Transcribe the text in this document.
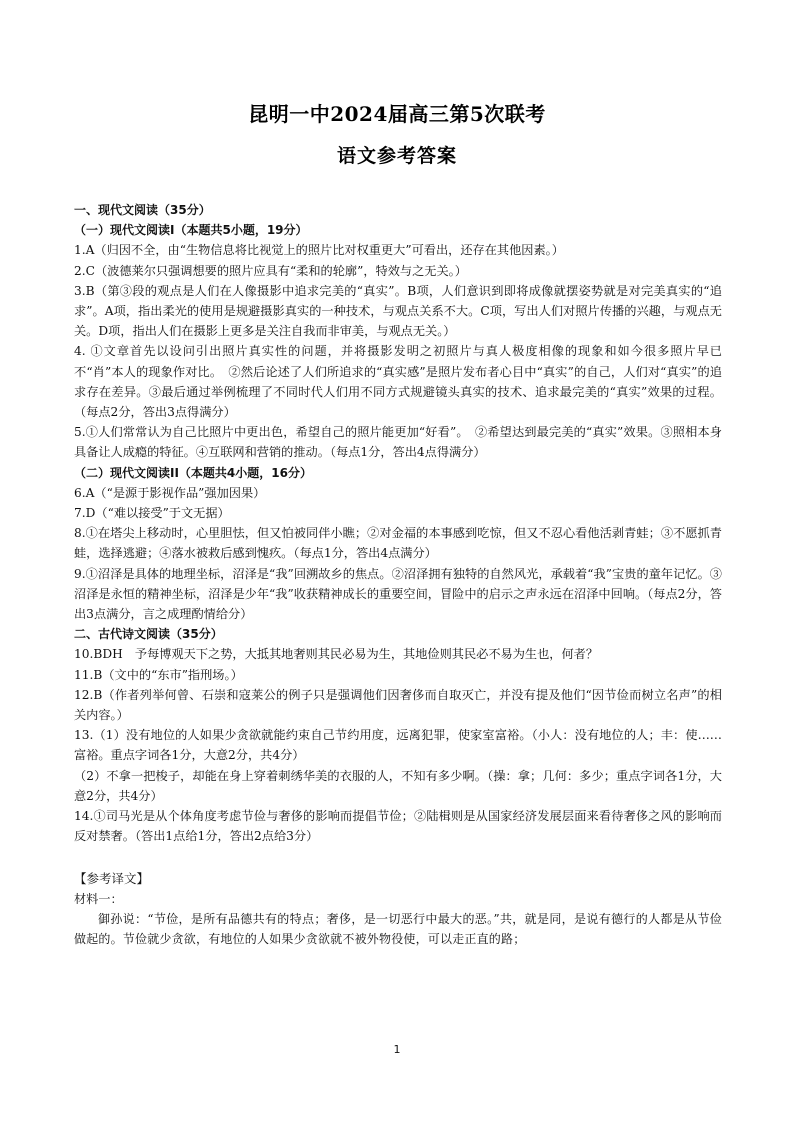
昆明一中2024届高三第5次联考
语文参考答案

一、现代文阅读（35分）

（一）现代文阅读I（本题共5小题，19分）

1.A（归因不全，由“生物信息将比视觉上的照片比对权重更大”可看出，还存在其他因素。）

2.C（波德莱尔只强调想要的照片应具有“柔和的轮廓”，特效与之无关。）

3.B（第③段的观点是人们在人像摄影中追求完美的“真实”。B项，人们意识到即将成像就摆姿势就是对完美真实的“追求”。A项，指出柔光的使用是规避摄影真实的一种技术，与观点关系不大。C项，写出人们对照片传播的兴趣，与观点无关。D项，指出人们在摄影上更多是关注自我而非审美，与观点无关。）

4. ①文章首先以设问引出照片真实性的问题，并将摄影发明之初照片与真人极度相像的现象和如今很多照片早已不“肖”本人的现象作对比。　②然后论述了人们所追求的“真实感”是照片发布者心目中“真实”的自己，人们对“真实”的追求存在差异。③最后通过举例梳理了不同时代人们用不同方式规避镜头真实的技术、追求最完美的“真实”效果的过程。（每点2分，答出3点得满分）

5.①人们常常认为自己比照片中更出色，希望自己的照片能更加“好看”。　②希望达到最完美的“真实”效果。③照相本身具备让人成瘾的特征。④互联网和营销的推动。（每点1分，答出4点得满分）

（二）现代文阅读II（本题共4小题，16分）

6.A（“是源于影视作品”强加因果）

7.D（“难以接受”于文无据）

8.①在塔尖上移动时，心里胆怯，但又怕被同伴小瞧；②对金福的本事感到吃惊，但又不忍心看他活剥青蛙；③不愿抓青蛙，选择逃避；④落水被救后感到愧疚。（每点1分，答出4点满分）

9.①沼泽是具体的地理坐标，沼泽是“我”回溯故乡的焦点。②沼泽拥有独特的自然风光，承载着“我”宝贵的童年记忆。③沼泽是永恒的精神坐标，沼泽是少年“我”收获精神成长的重要空间，冒险中的启示之声永远在沼泽中回响。（每点2分，答出3点满分，言之成理酌情给分）

二、古代诗文阅读（35分）

10.BDH　予每博观天下之势，大抵其地奢则其民必易为生，其地俭则其民必不易为生也，何者？

11.B（文中的“东市”指刑场。）

12.B（作者列举何曾、石崇和寇莱公的例子只是强调他们因奢侈而自取灭亡，并没有提及他们“因节俭而树立名声”的相关内容。）

13.（1）没有地位的人如果少贪欲就能约束自己节约用度，远离犯罪，使家室富裕。（小人：没有地位的人；丰：使……富裕。重点字词各1分，大意2分，共4分）

（2）不拿一把梭子，却能在身上穿着刺绣华美的衣服的人，不知有多少啊。（操：拿；几何：多少；重点字词各1分，大意2分，共4分）

14.①司马光是从个体角度考虑节俭与奢侈的影响而提倡节俭；②陆楫则是从国家经济发展层面来看待奢侈之风的影响而反对禁奢。（答出1点给1分，答出2点给3分）

【参考译文】

材料一：

御孙说：“节俭，是所有品德共有的特点；奢侈，是一切恶行中最大的恶。”共，就是同，是说有德行的人都是从节俭做起的。节俭就少贪欲，有地位的人如果少贪欲就不被外物役使，可以走正直的路；

1
